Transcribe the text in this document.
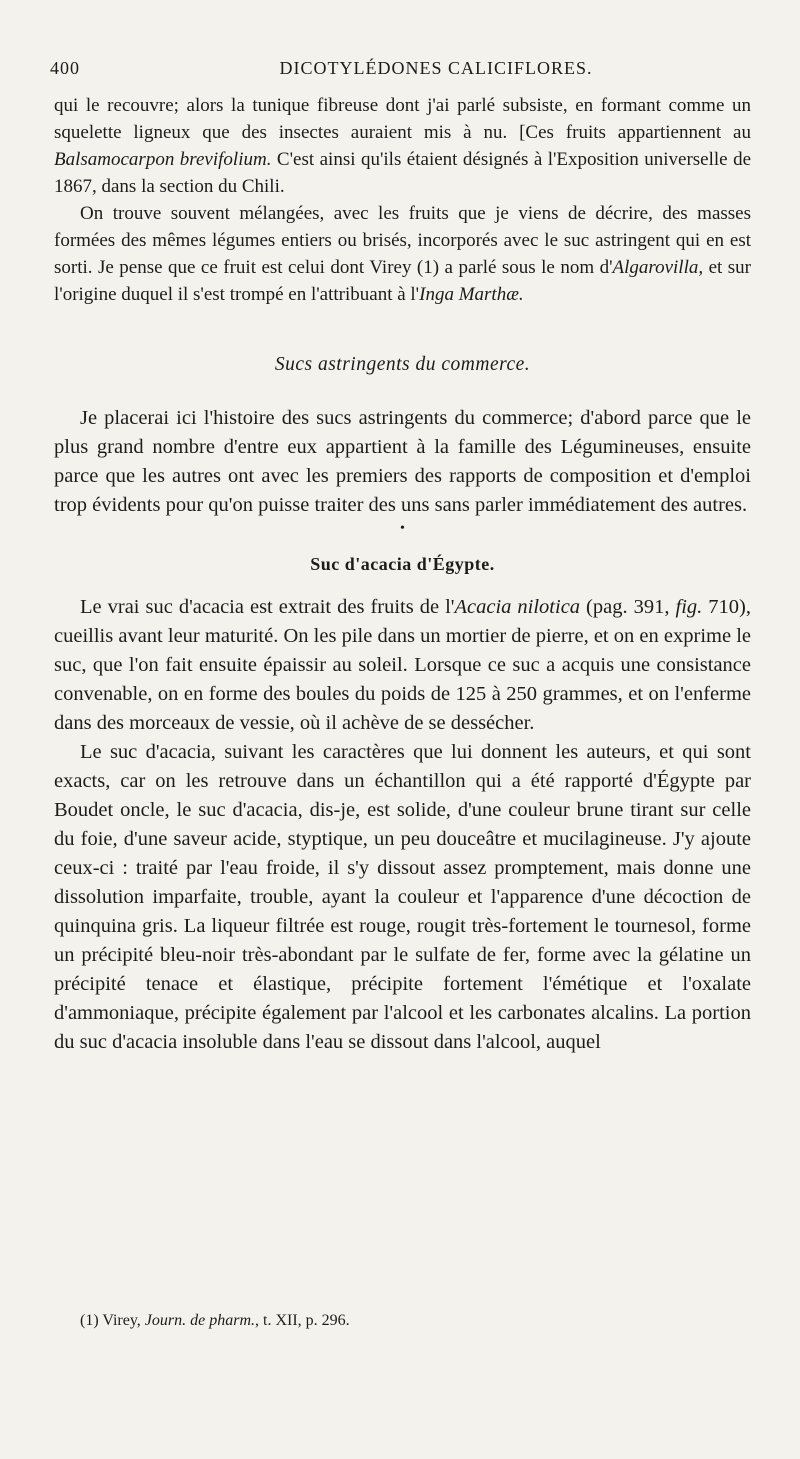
400	DICOTYLÉDONES CALICIFLORES.

qui le recouvre; alors la tunique fibreuse dont j'ai parlé subsiste, en formant comme un squelette ligneux que des insectes auraient mis à nu. [Ces fruits appartiennent au Balsamocarpon brevifolium. C'est ainsi qu'ils étaient désignés à l'Exposition universelle de 1867, dans la section du Chili.

On trouve souvent mélangées, avec les fruits que je viens de décrire, des masses formées des mêmes légumes entiers ou brisés, incorporés avec le suc astringent qui en est sorti. Je pense que ce fruit est celui dont Virey (1) a parlé sous le nom d'Algarovilla, et sur l'origine duquel il s'est trompé en l'attribuant à l'Inga Marthæ.

Sucs astringents du commerce.

Je placerai ici l'histoire des sucs astringents du commerce; d'abord parce que le plus grand nombre d'entre eux appartient à la famille des Légumineuses, ensuite parce que les autres ont avec les premiers des rapports de composition et d'emploi trop évidents pour qu'on puisse traiter des uns sans parler immédiatement des autres.

•
Suc d'acacia d'Égypte.

Le vrai suc d'acacia est extrait des fruits de l'Acacia nilotica (pag. 391, fig. 710), cueillis avant leur maturité. On les pile dans un mortier de pierre, et on en exprime le suc, que l'on fait ensuite épaissir au soleil. Lorsque ce suc a acquis une consistance convenable, on en forme des boules du poids de 125 à 250 grammes, et on l'enferme dans des morceaux de vessie, où il achève de se dessécher.

Le suc d'acacia, suivant les caractères que lui donnent les auteurs, et qui sont exacts, car on les retrouve dans un échantillon qui a été rapporté d'Égypte par Boudet oncle, le suc d'acacia, dis-je, est solide, d'une couleur brune tirant sur celle du foie, d'une saveur acide, styptique, un peu douceâtre et mucilagineuse. J'y ajoute ceux-ci : traité par l'eau froide, il s'y dissout assez promptement, mais donne une dissolution imparfaite, trouble, ayant la couleur et l'apparence d'une décoction de quinquina gris. La liqueur filtrée est rouge, rougit très-fortement le tournesol, forme un précipité bleu-noir très-abondant par le sulfate de fer, forme avec la gélatine un précipité tenace et élastique, précipite fortement l'émétique et l'oxalate d'ammoniaque, précipite également par l'alcool et les carbonates alcalins. La portion du suc d'acacia insoluble dans l'eau se dissout dans l'alcool, auquel

(1) Virey, Journ. de pharm., t. XII, p. 296.
